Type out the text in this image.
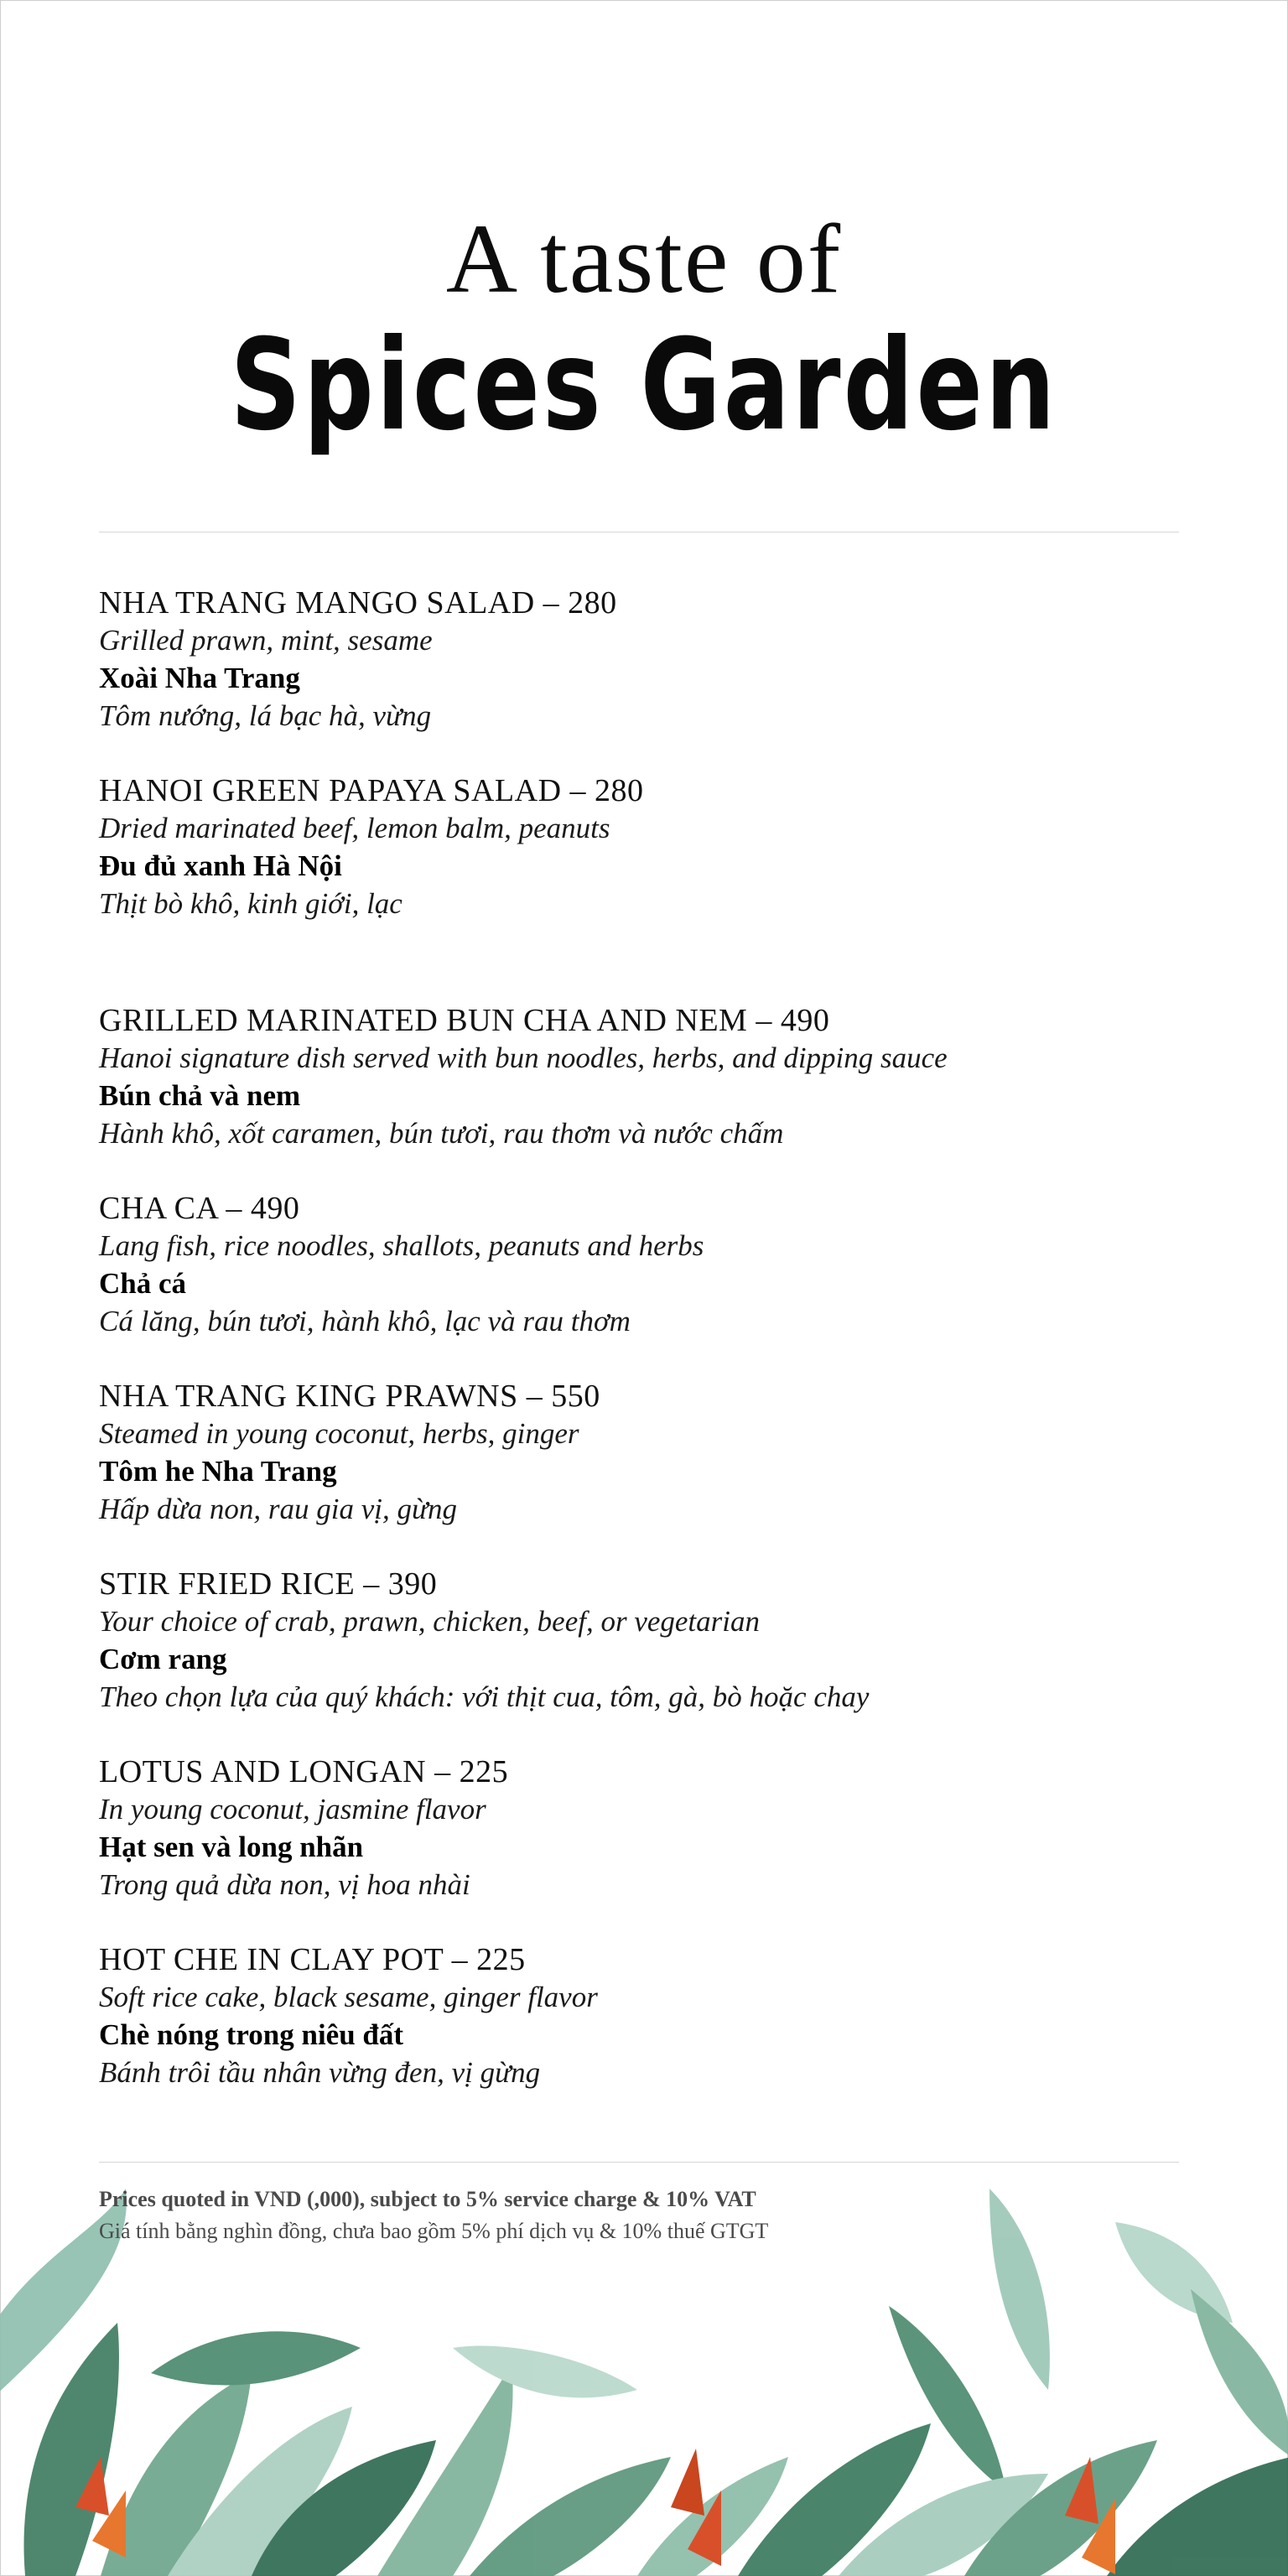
A taste of
Spices Garden
NHA TRANG MANGO SALAD – 280
Grilled prawn, mint, sesame
Xoài Nha Trang
Tôm nướng, lá bạc hà, vừng
HANOI GREEN PAPAYA SALAD – 280
Dried marinated beef, lemon balm, peanuts
Đu đủ xanh Hà Nội
Thịt bò khô, kinh giới, lạc
GRILLED MARINATED BUN CHA AND NEM – 490
Hanoi signature dish served with bun noodles, herbs, and dipping sauce
Bún chả và nem
Hành khô, xốt caramen, bún tươi, rau thơm và nước chấm
CHA CA – 490
Lang fish, rice noodles, shallots, peanuts and herbs
Chả cá
Cá lăng, bún tươi, hành khô, lạc và rau thơm
NHA TRANG KING PRAWNS – 550
Steamed in young coconut, herbs, ginger
Tôm he Nha Trang
Hấp dừa non, rau gia vị, gừng
STIR FRIED RICE – 390
Your choice of crab, prawn, chicken, beef, or vegetarian
Cơm rang
Theo chọn lựa của quý khách: với thịt cua, tôm, gà, bò hoặc chay
LOTUS AND LONGAN – 225
In young coconut, jasmine flavor
Hạt sen và long nhãn
Trong quả dừa non, vị hoa nhài
HOT CHE IN CLAY POT – 225
Soft rice cake, black sesame, ginger flavor
Chè nóng trong niêu đất
Bánh trôi tầu nhân vừng đen, vị gừng
Prices quoted in VND (,000), subject to 5% service charge & 10% VAT
Giá tính bằng nghìn đồng, chưa bao gồm 5% phí dịch vụ & 10% thuế GTGT
